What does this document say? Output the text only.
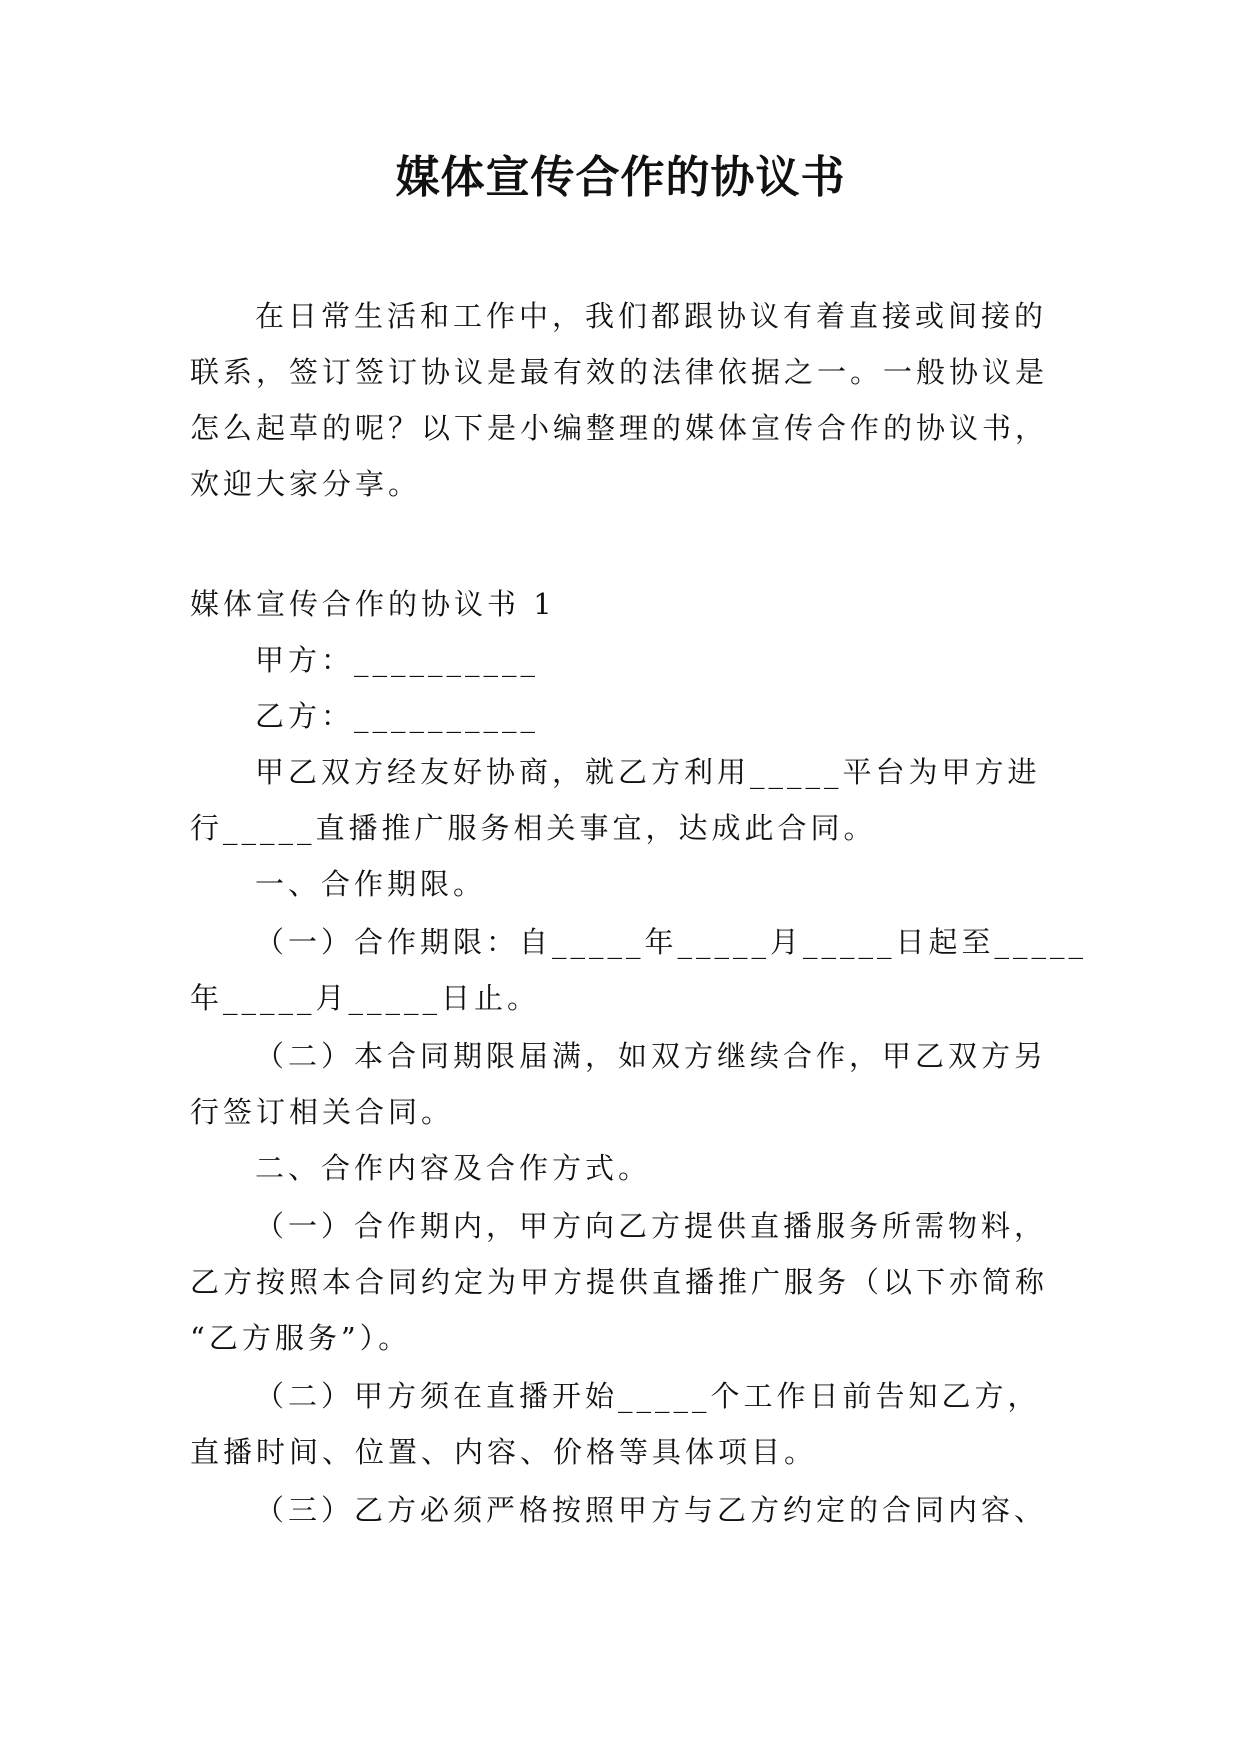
媒体宣传合作的协议书
在日常生活和工作中，我们都跟协议有着直接或间接的
联系，签订签订协议是最有效的法律依据之一。一般协议是
怎么起草的呢？以下是小编整理的媒体宣传合作的协议书，
欢迎大家分享。
媒体宣传合作的协议书 1
甲方：__________
乙方：__________
甲乙双方经友好协商，就乙方利用_____平台为甲方进
行_____直播推广服务相关事宜，达成此合同。
一、合作期限。
（一）合作期限：自_____年_____月_____日起至_____
年_____月_____日止。
（二）本合同期限届满，如双方继续合作，甲乙双方另
行签订相关合同。
二、合作内容及合作方式。
（一）合作期内，甲方向乙方提供直播服务所需物料，
乙方按照本合同约定为甲方提供直播推广服务（以下亦简称
“乙方服务”）。
（二）甲方须在直播开始_____个工作日前告知乙方，
直播时间、位置、内容、价格等具体项目。
（三）乙方必须严格按照甲方与乙方约定的合同内容、
